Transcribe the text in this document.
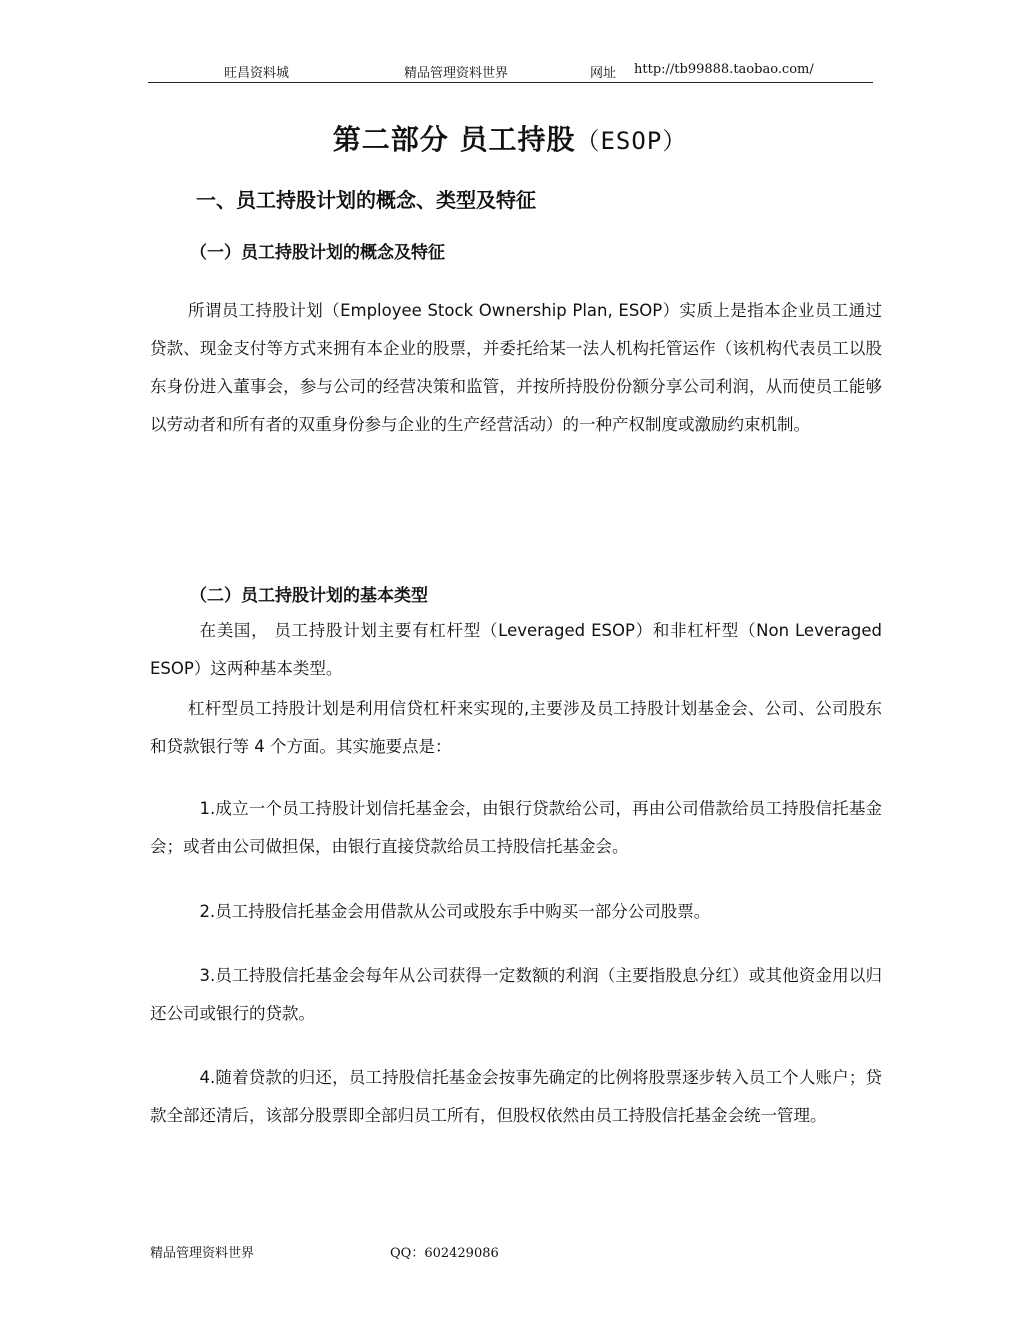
旺昌资料城	精品管理资料世界	网址 http://tb99888.taobao.com/
第二部分 员工持股（ESOP）
一、员工持股计划的概念、类型及特征
（一）员工持股计划的概念及特征

所谓员工持股计划（Employee Stock Ownership Plan, ESOP）实质上是指本企业员工通过贷款、现金支付等方式来拥有本企业的股票，并委托给某一法人机构托管运作（该机构代表员工以股东身份进入董事会，参与公司的经营决策和监管，并按所持股份份额分享公司利润，从而使员工能够以劳动者和所有者的双重身份参与企业的生产经营活动）的一种产权制度或激励约束机制。

（二）员工持股计划的基本类型

在美国， 员工持股计划主要有杠杆型（Leveraged ESOP）和非杠杆型（Non Leveraged ESOP）这两种基本类型。

杠杆型员工持股计划是利用信贷杠杆来实现的,主要涉及员工持股计划基金会、公司、公司股东和贷款银行等 4 个方面。其实施要点是：

1.成立一个员工持股计划信托基金会，由银行贷款给公司，再由公司借款给员工持股信托基金会；或者由公司做担保，由银行直接贷款给员工持股信托基金会。

2.员工持股信托基金会用借款从公司或股东手中购买一部分公司股票。

3.员工持股信托基金会每年从公司获得一定数额的利润（主要指股息分红）或其他资金用以归还公司或银行的贷款。

4.随着贷款的归还，员工持股信托基金会按事先确定的比例将股票逐步转入员工个人账户；贷款全部还清后，该部分股票即全部归员工所有，但股权依然由员工持股信托基金会统一管理。

精品管理资料世界	QQ：602429086
